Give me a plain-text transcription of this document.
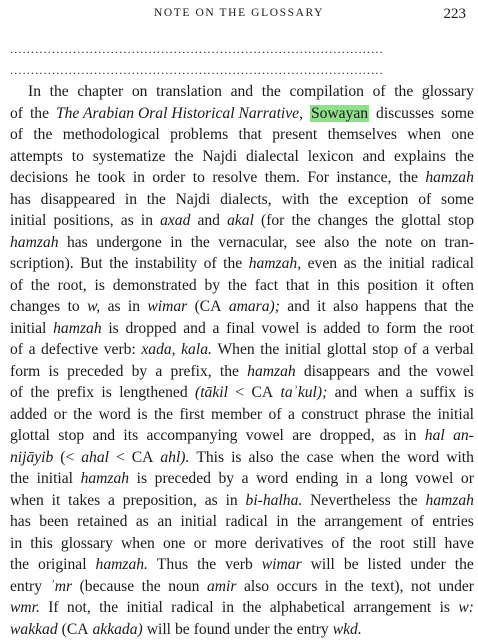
NOTE ON THE GLOSSARY	223
.........................................................................................
.........................................................................................
In the chapter on translation and the compilation of the glossary
of the The Arabian Oral Historical Narrative, Sowayan discusses some
of the methodological problems that present themselves when one
attempts to systematize the Najdi dialectal lexicon and explains the
decisions he took in order to resolve them. For instance, the hamzah
has disappeared in the Najdi dialects, with the exception of some
initial positions, as in axad and akal (for the changes the glottal stop
hamzah has undergone in the vernacular, see also the note on tran-
scription). But the instability of the hamzah, even as the initial radical
of the root, is demonstrated by the fact that in this position it often
changes to w, as in wimar (CA amara); and it also happens that the
initial hamzah is dropped and a final vowel is added to form the root
of a defective verb: xada, kala. When the initial glottal stop of a verbal
form is preceded by a prefix, the hamzah disappears and the vowel
of the prefix is lengthened (tākil < CA taʾkul); and when a suffix is
added or the word is the first member of a construct phrase the initial
glottal stop and its accompanying vowel are dropped, as in hal an-
nijāyib (< ahal < CA ahl). This is also the case when the word with
the initial hamzah is preceded by a word ending in a long vowel or
when it takes a preposition, as in bi-halha. Nevertheless the hamzah
has been retained as an initial radical in the arrangement of entries
in this glossary when one or more derivatives of the root still have
the original hamzah. Thus the verb wimar will be listed under the
entry ʾmr (because the noun amir also occurs in the text), not under
wmr. If not, the initial radical in the alphabetical arrangement is w:
wakkad (CA akkada) will be found under the entry wkd.
